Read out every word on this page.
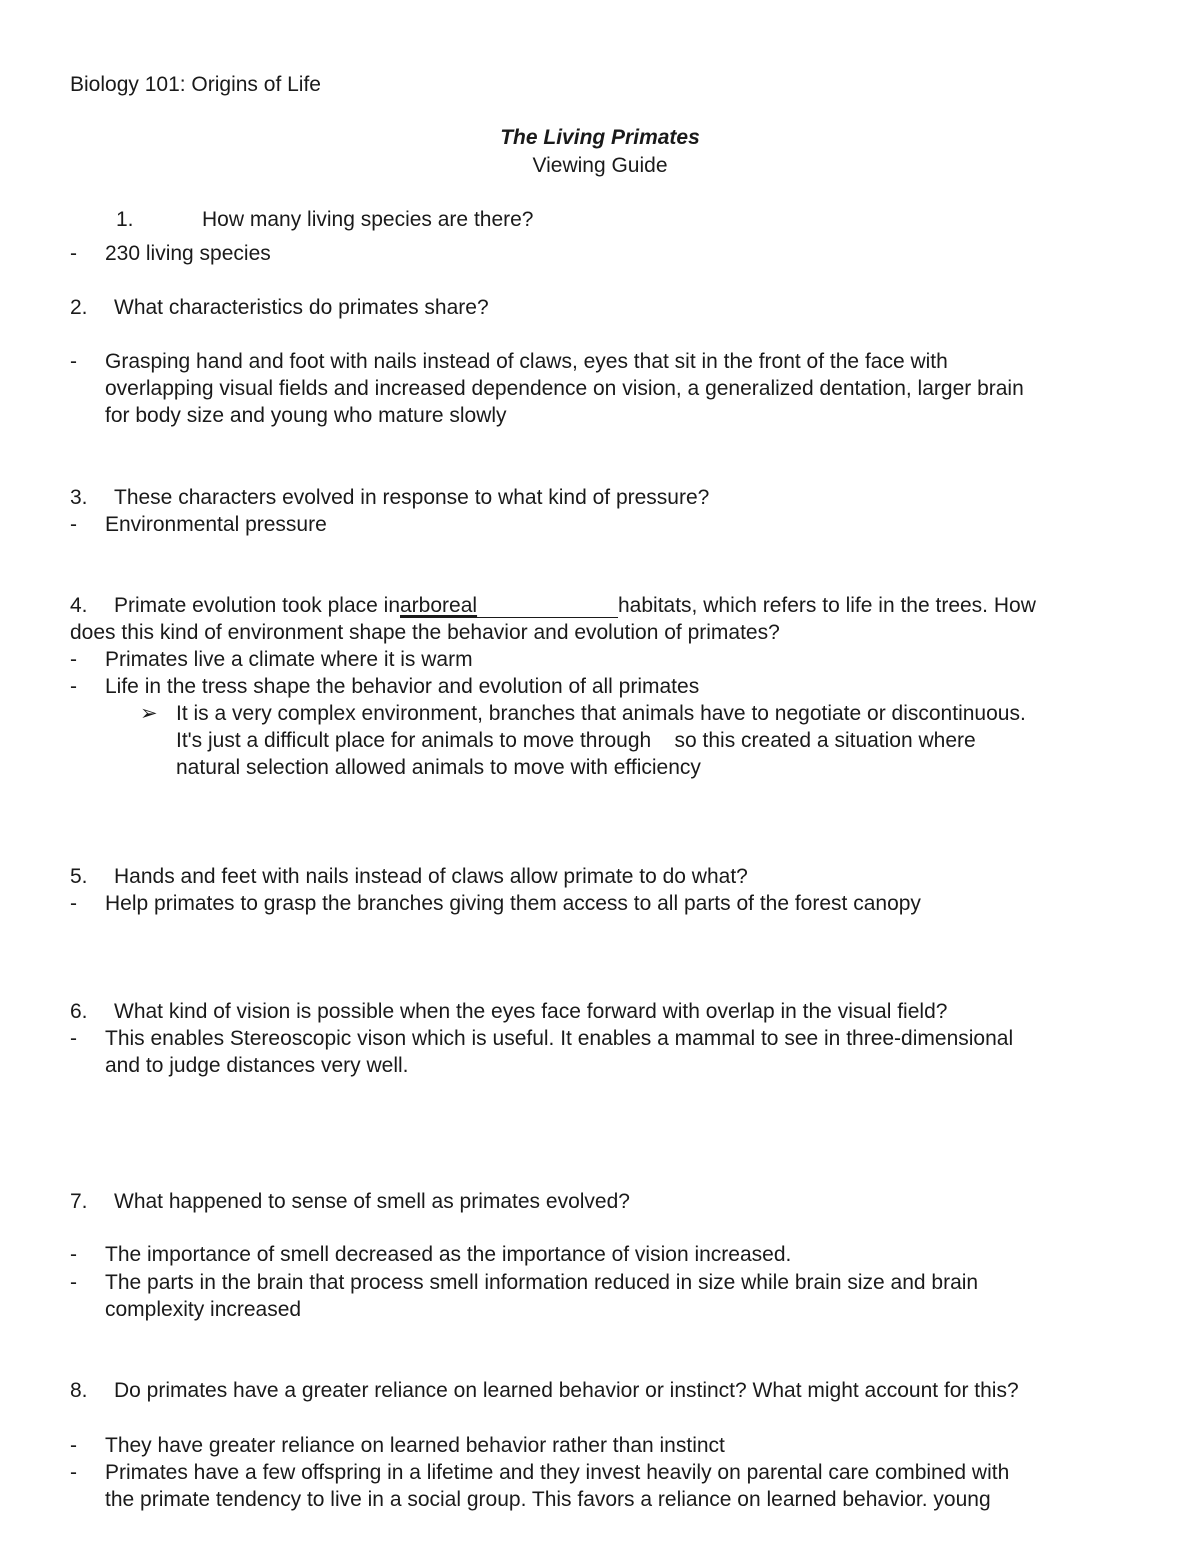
Biology 101: Origins of Life
The Living Primates
Viewing Guide
1.	How many living species are there?
- 230 living species
2. What characteristics do primates share?
- Grasping hand and foot with nails instead of claws, eyes that sit in the front of the face with
overlapping visual fields and increased dependence on vision, a generalized dentation, larger brain
for body size and young who mature slowly
3. These characters evolved in response to what kind of pressure?
- Environmental pressure
4. Primate evolution took place inarboreal	habitats, which refers to life in the trees. How
does this kind of environment shape the behavior and evolution of primates?
- Primates live a climate where it is warm
- Life in the tress shape the behavior and evolution of all primates
➢ It is a very complex environment, branches that animals have to negotiate or discontinuous.
It's just a difficult place for animals to move through    so this created a situation where
natural selection allowed animals to move with efficiency
5. Hands and feet with nails instead of claws allow primate to do what?
- Help primates to grasp the branches giving them access to all parts of the forest canopy
6. What kind of vision is possible when the eyes face forward with overlap in the visual field?
- This enables Stereoscopic vison which is useful. It enables a mammal to see in three-dimensional
and to judge distances very well.
7. What happened to sense of smell as primates evolved?
- The importance of smell decreased as the importance of vision increased.
- The parts in the brain that process smell information reduced in size while brain size and brain
complexity increased
8. Do primates have a greater reliance on learned behavior or instinct? What might account for this?
- They have greater reliance on learned behavior rather than instinct
- Primates have a few offspring in a lifetime and they invest heavily on parental care combined with
the primate tendency to live in a social group. This favors a reliance on learned behavior. young
